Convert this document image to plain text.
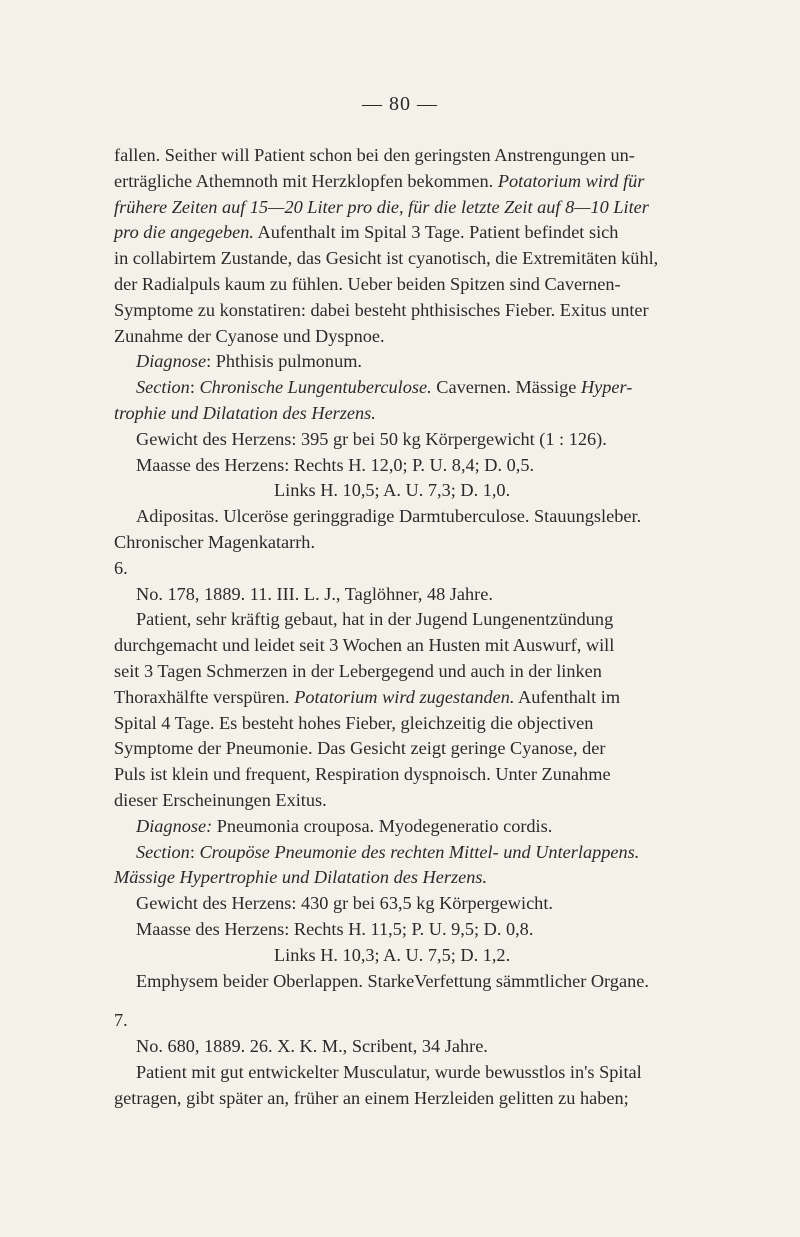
— 80 —

fallen. Seither will Patient schon bei den geringsten Anstrengungen un-

erträgliche Athemnoth mit Herzklopfen bekommen. Potatorium wird für

frühere Zeiten auf 15—20 Liter pro die, für die letzte Zeit auf 8—10 Liter

pro die angegeben. Aufenthalt im Spital 3 Tage. Patient befindet sich

in collabirtem Zustande, das Gesicht ist cyanotisch, die Extremitäten kühl,

der Radialpuls kaum zu fühlen. Ueber beiden Spitzen sind Cavernen-

Symptome zu konstatiren: dabei besteht phthisisches Fieber. Exitus unter

Zunahme der Cyanose und Dyspnoe.

Diagnose: Phthisis pulmonum.

Section: Chronische Lungentuberculose. Cavernen. Mässige Hyper-

trophie und Dilatation des Herzens.

Gewicht des Herzens: 395 gr bei 50 kg Körpergewicht (1 : 126).

Maasse des Herzens: Rechts H. 12,0; P. U. 8,4; D. 0,5.

Links H. 10,5; A. U. 7,3; D. 1,0.

Adipositas. Ulceröse geringgradige Darmtuberculose. Stauungsleber.

Chronischer Magenkatarrh.

6.

No. 178, 1889. 11. III. L. J., Taglöhner, 48 Jahre.

Patient, sehr kräftig gebaut, hat in der Jugend Lungenentzündung

durchgemacht und leidet seit 3 Wochen an Husten mit Auswurf, will

seit 3 Tagen Schmerzen in der Lebergegend und auch in der linken

Thoraxhälfte verspüren. Potatorium wird zugestanden. Aufenthalt im

Spital 4 Tage. Es besteht hohes Fieber, gleichzeitig die objectiven

Symptome der Pneumonie. Das Gesicht zeigt geringe Cyanose, der

Puls ist klein und frequent, Respiration dyspnoisch. Unter Zunahme

dieser Erscheinungen Exitus.

Diagnose: Pneumonia crouposa. Myodegeneratio cordis.

Section: Croupöse Pneumonie des rechten Mittel- und Unterlappens.

Mässige Hypertrophie und Dilatation des Herzens.

Gewicht des Herzens: 430 gr bei 63,5 kg Körpergewicht.

Maasse des Herzens: Rechts H. 11,5; P. U. 9,5; D. 0,8.

Links H. 10,3; A. U. 7,5; D. 1,2.

Emphysem beider Oberlappen. StarkeVerfettung sämmtlicher Organe.

7.

No. 680, 1889. 26. X. K. M., Scribent, 34 Jahre.

Patient mit gut entwickelter Musculatur, wurde bewusstlos in's Spital

getragen, gibt später an, früher an einem Herzleiden gelitten zu haben;
